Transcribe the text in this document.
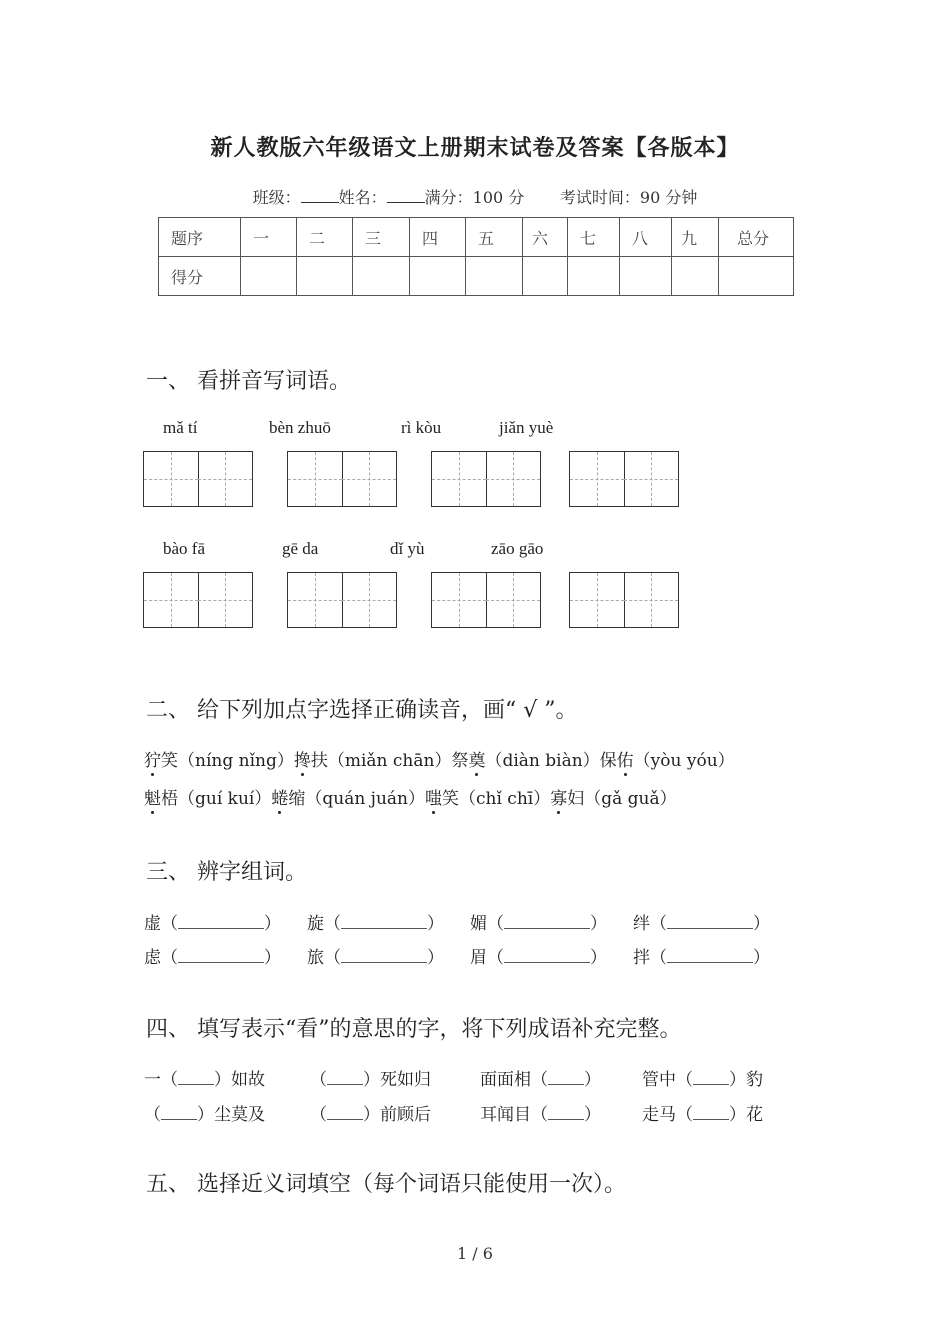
新人教版六年级语文上册期末试卷及答案【各版本】
班级： 姓名： 满分：100 分 考试时间：90 分钟
题序	一	二	三	四	五	六	七	八	九	总分
得分										
一、 看拼音写词语。
mǎ tí	bèn zhuō	rì kòu	jiǎn yuè
bào fā	gē da	dǐ yù	zāo gāo
二、 给下列加点字选择正确读音，画“ √ ”。
狞笑（níng nǐng）搀扶（miǎn chān）祭奠（diàn biàn）保佑（yòu yóu）
魁梧（guí kuí）蜷缩（quán juán）嗤笑（chǐ chī）寡妇（gǎ guǎ）
三、 辨字组词。
虚（	） 旋（	） 媚（	） 绊（	）
虑（	） 旅（	） 眉（	） 拌（	）
四、 填写表示“看”的意思的字，将下列成语补充完整。
一（ ）如故	（ ）死如归	面面相（ ） 管中（ ）豹
（ ）尘莫及	（ ）前顾后	耳闻目（ ） 走马（ ）花
五、 选择近义词填空（每个词语只能使用一次）。
1 / 6
